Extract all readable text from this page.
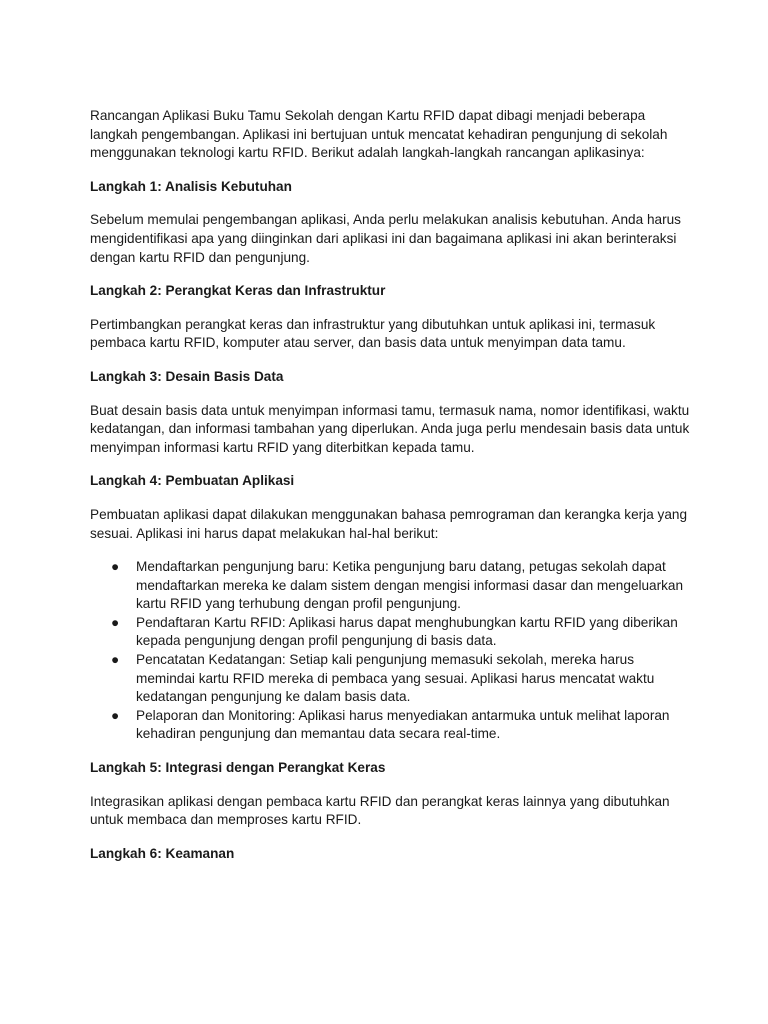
Rancangan Aplikasi Buku Tamu Sekolah dengan Kartu RFID dapat dibagi menjadi beberapa langkah pengembangan. Aplikasi ini bertujuan untuk mencatat kehadiran pengunjung di sekolah menggunakan teknologi kartu RFID. Berikut adalah langkah-langkah rancangan aplikasinya:

Langkah 1: Analisis Kebutuhan

Sebelum memulai pengembangan aplikasi, Anda perlu melakukan analisis kebutuhan. Anda harus mengidentifikasi apa yang diinginkan dari aplikasi ini dan bagaimana aplikasi ini akan berinteraksi dengan kartu RFID dan pengunjung.

Langkah 2: Perangkat Keras dan Infrastruktur

Pertimbangkan perangkat keras dan infrastruktur yang dibutuhkan untuk aplikasi ini, termasuk pembaca kartu RFID, komputer atau server, dan basis data untuk menyimpan data tamu.

Langkah 3: Desain Basis Data

Buat desain basis data untuk menyimpan informasi tamu, termasuk nama, nomor identifikasi, waktu kedatangan, dan informasi tambahan yang diperlukan. Anda juga perlu mendesain basis data untuk menyimpan informasi kartu RFID yang diterbitkan kepada tamu.

Langkah 4: Pembuatan Aplikasi

Pembuatan aplikasi dapat dilakukan menggunakan bahasa pemrograman dan kerangka kerja yang sesuai. Aplikasi ini harus dapat melakukan hal-hal berikut:

● Mendaftarkan pengunjung baru: Ketika pengunjung baru datang, petugas sekolah dapat mendaftarkan mereka ke dalam sistem dengan mengisi informasi dasar dan mengeluarkan kartu RFID yang terhubung dengan profil pengunjung.
● Pendaftaran Kartu RFID: Aplikasi harus dapat menghubungkan kartu RFID yang diberikan kepada pengunjung dengan profil pengunjung di basis data.
● Pencatatan Kedatangan: Setiap kali pengunjung memasuki sekolah, mereka harus memindai kartu RFID mereka di pembaca yang sesuai. Aplikasi harus mencatat waktu kedatangan pengunjung ke dalam basis data.
● Pelaporan dan Monitoring: Aplikasi harus menyediakan antarmuka untuk melihat laporan kehadiran pengunjung dan memantau data secara real-time.
Langkah 5: Integrasi dengan Perangkat Keras

Integrasikan aplikasi dengan pembaca kartu RFID dan perangkat keras lainnya yang dibutuhkan untuk membaca dan memproses kartu RFID.

Langkah 6: Keamanan
